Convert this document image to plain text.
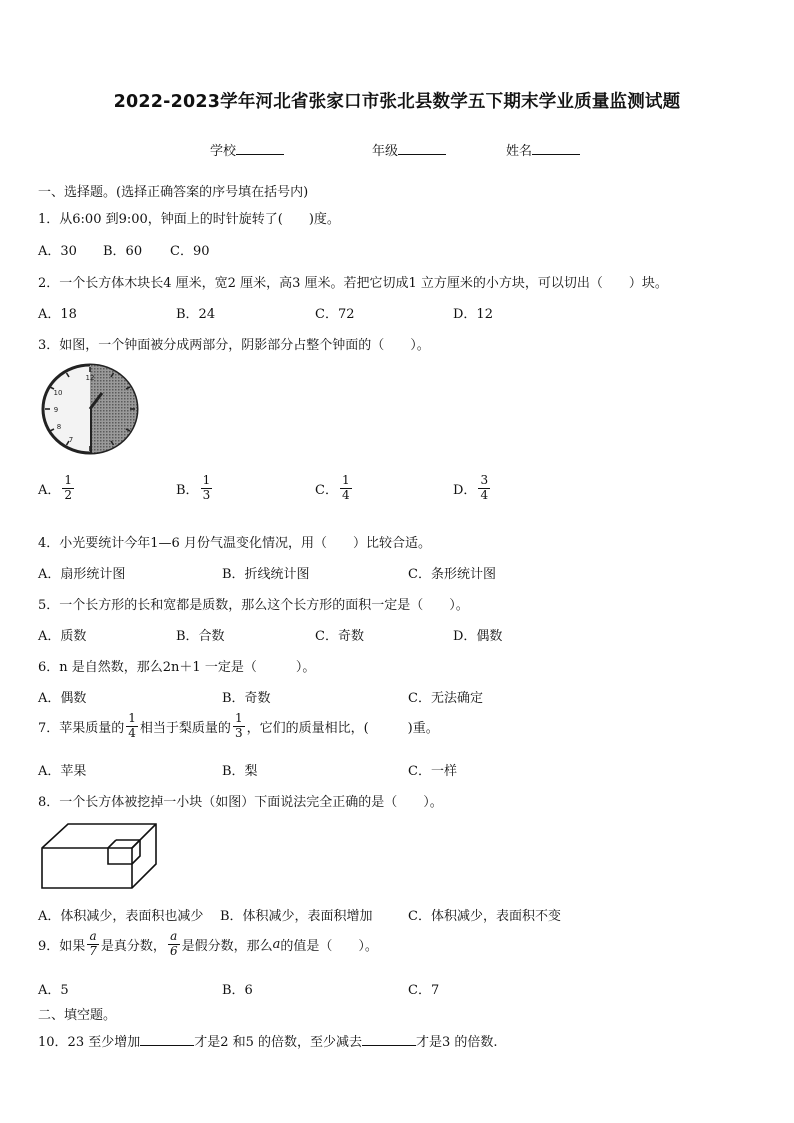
2022-2023学年河北省张家口市张北县数学五下期末学业质量监测试题
学校	年级	姓名
一、选择题。(选择正确答案的序号填在括号内)
1．从6:00 到9:00，钟面上的时针旋转了(　　)度。
A．30 B．60 C．90
2．一个长方体木块长4 厘米，宽2 厘米，高3 厘米。若把它切成1 立方厘米的小方块，可以切出（　　）块。
A．18	B．24	C．72	D．12
3．如图，一个钟面被分成两部分，阴影部分占整个钟面的（　　）。
12
10
9
8
7
A． $\frac{1}{2}$	B． $\frac{1}{3}$	C． $\frac{1}{4}$	D． $\frac{3}{4}$
4．小光要统计今年1—6 月份气温变化情况，用（　　）比较合适。
A．扇形统计图	B．折线统计图	C．条形统计图
5．一个长方形的长和宽都是质数，那么这个长方形的面积一定是（　　）。
A．质数	B．合数	C．奇数	D．偶数
6．n 是自然数，那么2n＋1 一定是（　　　）。
A．偶数	B．奇数	C．无法确定
7．苹果质量的 $\frac{1}{4}$ 相当于梨质量的 $\frac{1}{3}$ ，它们的质量相比，(　　　)重。
A．苹果	B．梨	C．一样
8．一个长方体被挖掉一小块（如图）下面说法完全正确的是（　　）。
A．体积减少，表面积也减少 B．体积减少，表面积增加	C．体积减少，表面积不变
9．如果 $\frac{a}{7}$ 是真分数， $\frac{a}{6}$ 是假分数，那么 a 的值是（　　）。
A．5	B．6	C．7
二、填空题。
10．23 至少增加	才是2 和5 的倍数，至少减去	才是3 的倍数.
